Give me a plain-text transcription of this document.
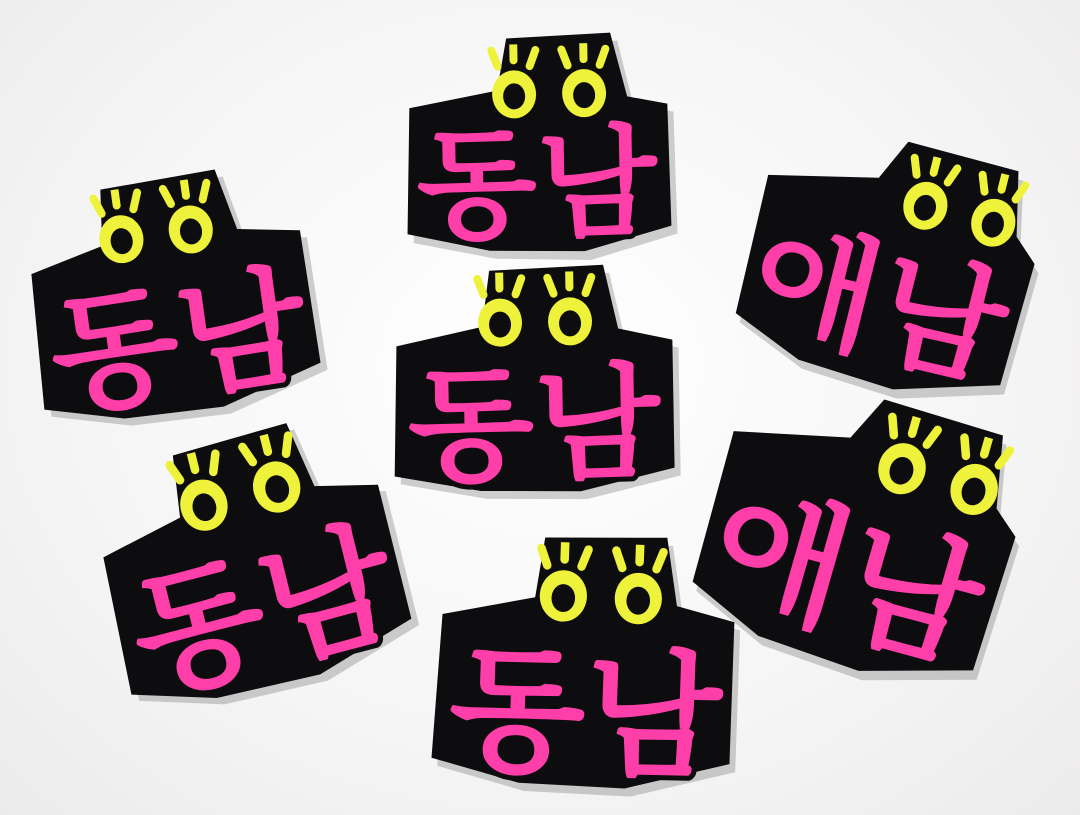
동남
동남	애남
동남
동남 애남
동남
